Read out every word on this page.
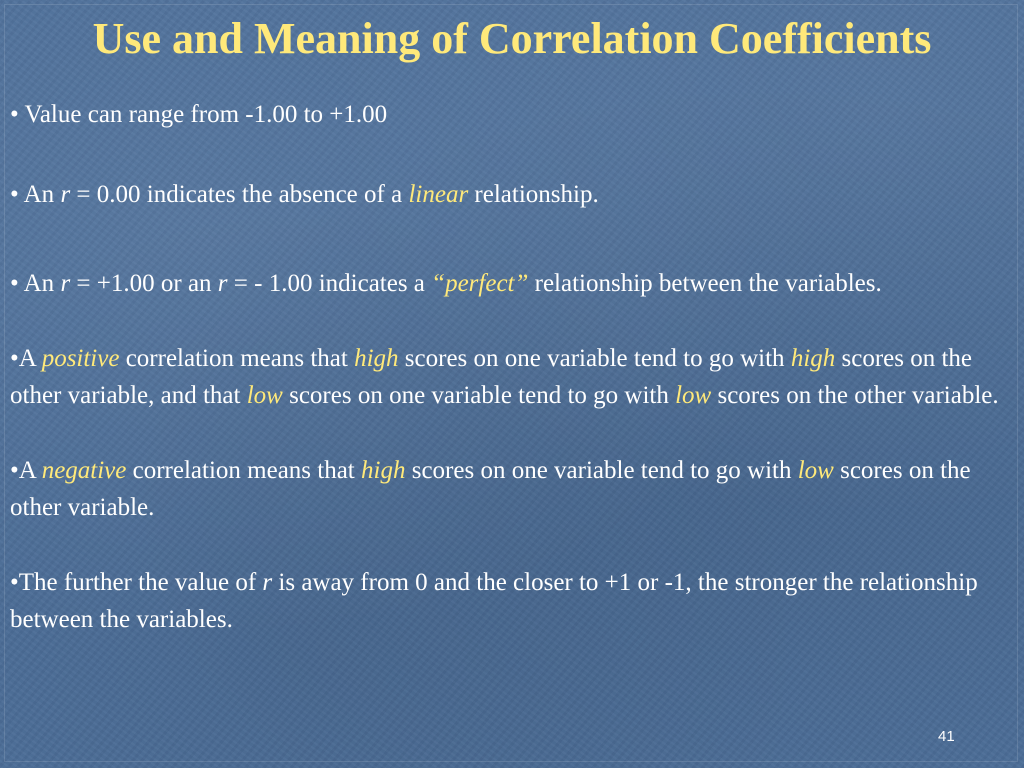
Use and Meaning of Correlation Coefficients

• Value can range from -1.00 to +1.00

• An r = 0.00 indicates the absence of a linear relationship.

• An r = +1.00 or an r = - 1.00 indicates a “perfect” relationship between the variables.

•A positive correlation means that high scores on one variable tend to go with high scores on the other variable, and that low scores on one variable tend to go with low scores on the other variable.

•A negative correlation means that high scores on one variable tend to go with low scores on the other variable.

•The further the value of r is away from 0 and the closer to +1 or -1, the stronger the relationship between the variables.

41
